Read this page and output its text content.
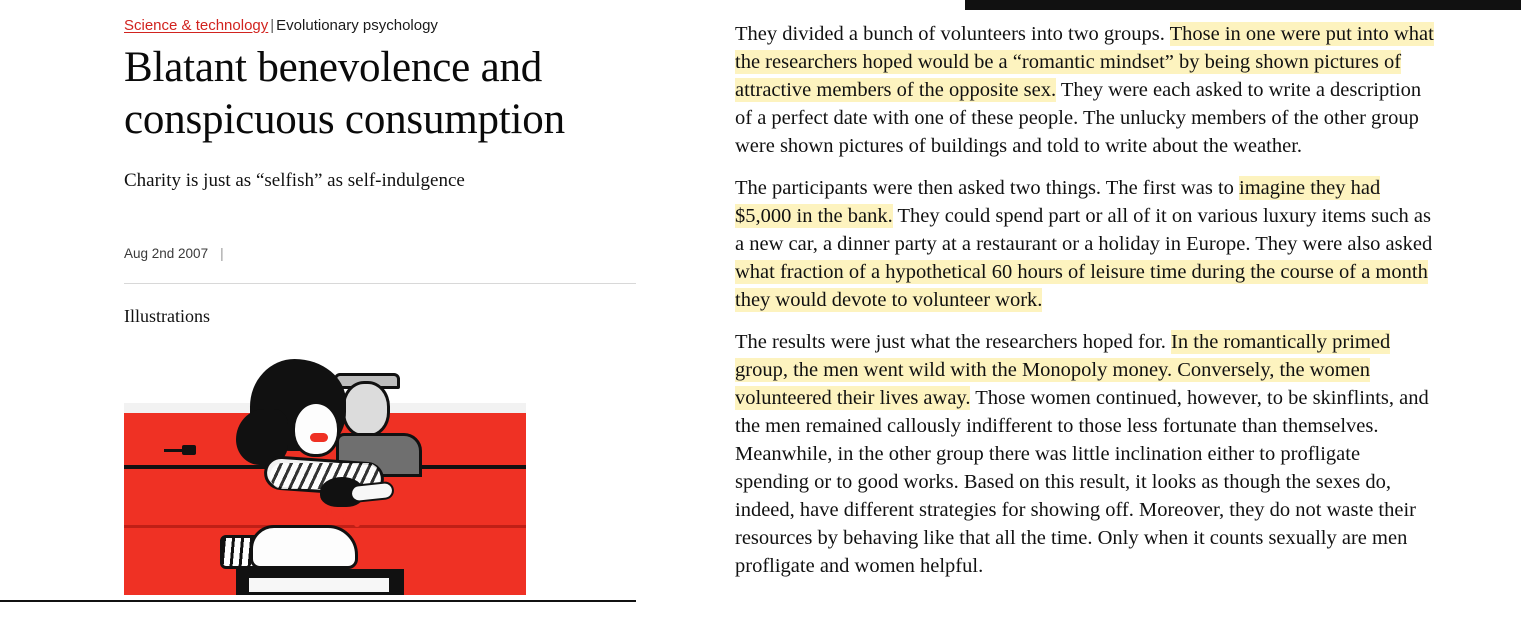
Science & technology | Evolutionary psychology
Blatant benevolence and conspicuous consumption
Charity is just as “selfish” as self-indulgence
Aug 2nd 2007 |
Illustrations

They divided a bunch of volunteers into two groups. Those in one were put into what the researchers hoped would be a “romantic mindset” by being shown pictures of attractive members of the opposite sex. They were each asked to write a description of a perfect date with one of these people. The unlucky members of the other group were shown pictures of buildings and told to write about the weather.

The participants were then asked two things. The first was to imagine they had $5,000 in the bank. They could spend part or all of it on various luxury items such as a new car, a dinner party at a restaurant or a holiday in Europe. They were also asked what fraction of a hypothetical 60 hours of leisure time during the course of a month they would devote to volunteer work.

The results were just what the researchers hoped for. In the romantically primed group, the men went wild with the Monopoly money. Conversely, the women volunteered their lives away. Those women continued, however, to be skinflints, and the men remained callously indifferent to those less fortunate than themselves. Meanwhile, in the other group there was little inclination either to profligate spending or to good works. Based on this result, it looks as though the sexes do, indeed, have different strategies for showing off. Moreover, they do not waste their resources by behaving like that all the time. Only when it counts sexually are men profligate and women helpful.
